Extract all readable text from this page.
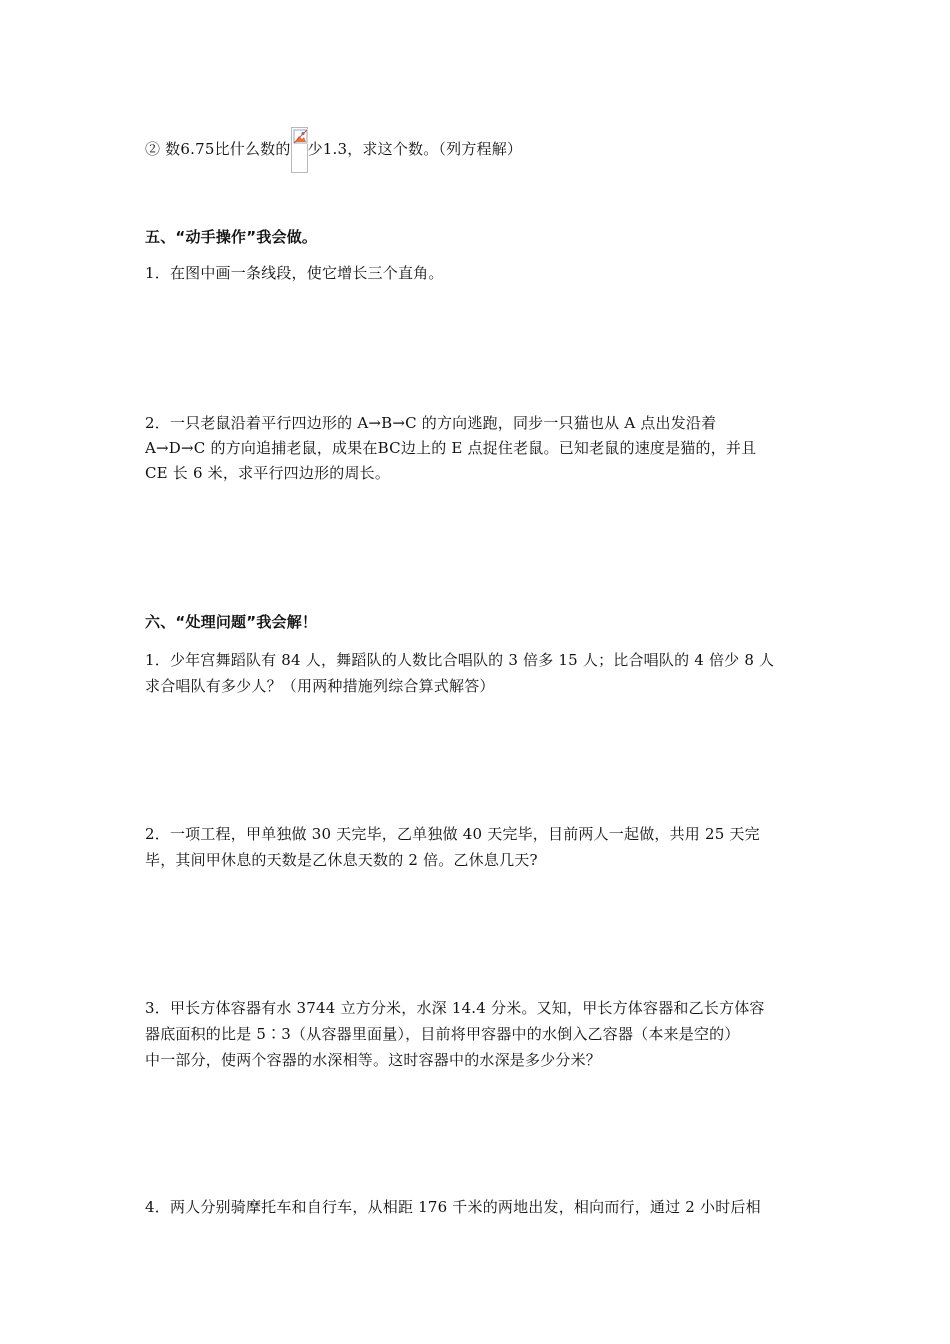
② 数6.75比什么数的 少1.3，求这个数。（列方程解）
五、“动手操作”我会做。
1．在图中画一条线段，使它增长三个直角。
2．一只老鼠沿着平行四边形的 A→B→C 的方向逃跑，同步一只猫也从 A 点出发沿着
A→D→C 的方向追捕老鼠，成果在BC边上的 E 点捉住老鼠。已知老鼠的速度是猫的，并且
CE 长 6 米，求平行四边形的周长。
六、“处理问题”我会解！
1．少年宫舞蹈队有 84 人，舞蹈队的人数比合唱队的 3 倍多 15 人；比合唱队的 4 倍少 8 人
求合唱队有多少人？（用两种措施列综合算式解答）
2．一项工程，甲单独做 30 天完毕，乙单独做 40 天完毕，目前两人一起做，共用 25 天完
毕，其间甲休息的天数是乙休息天数的 2 倍。乙休息几天?
3．甲长方体容器有水 3744 立方分米，水深 14.4 分米。又知，甲长方体容器和乙长方体容
器底面积的比是 5∶3（从容器里面量），目前将甲容器中的水倒入乙容器（本来是空的）
中一部分，使两个容器的水深相等。这时容器中的水深是多少分米？
4．两人分别骑摩托车和自行车，从相距 176 千米的两地出发，相向而行，通过 2 小时后相
